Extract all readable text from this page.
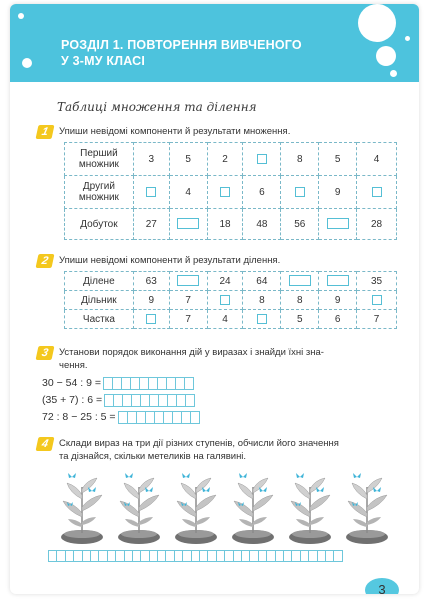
РОЗДІЛ 1. ПОВТОРЕННЯ ВИВЧЕНОГО
У 3-МУ КЛАСІ
Таблиці множення та ділення
1	Упиши невідомі компоненти й результати множення.
Перший
множник	3	5	2		8	5	4

Другий
множник		4		6		9	

Добуток	27		18	48	56		28
2	Упиши невідомі компоненти й результати ділення.
Ділене	63		24	64			35
Дільник	9	7		8	8	9	
Частка		7	4		5	6	7
3	Установи порядок виконання дій у виразах і знайди їхні зна-
чення.
30 − 54 : 9 =
(35 + 7) : 6 =
72 : 8 − 25 : 5 =
4	Склади вираз на три дії різних ступенів, обчисли його значення
та дізнайся, скільки метеликів на галявині.
3
